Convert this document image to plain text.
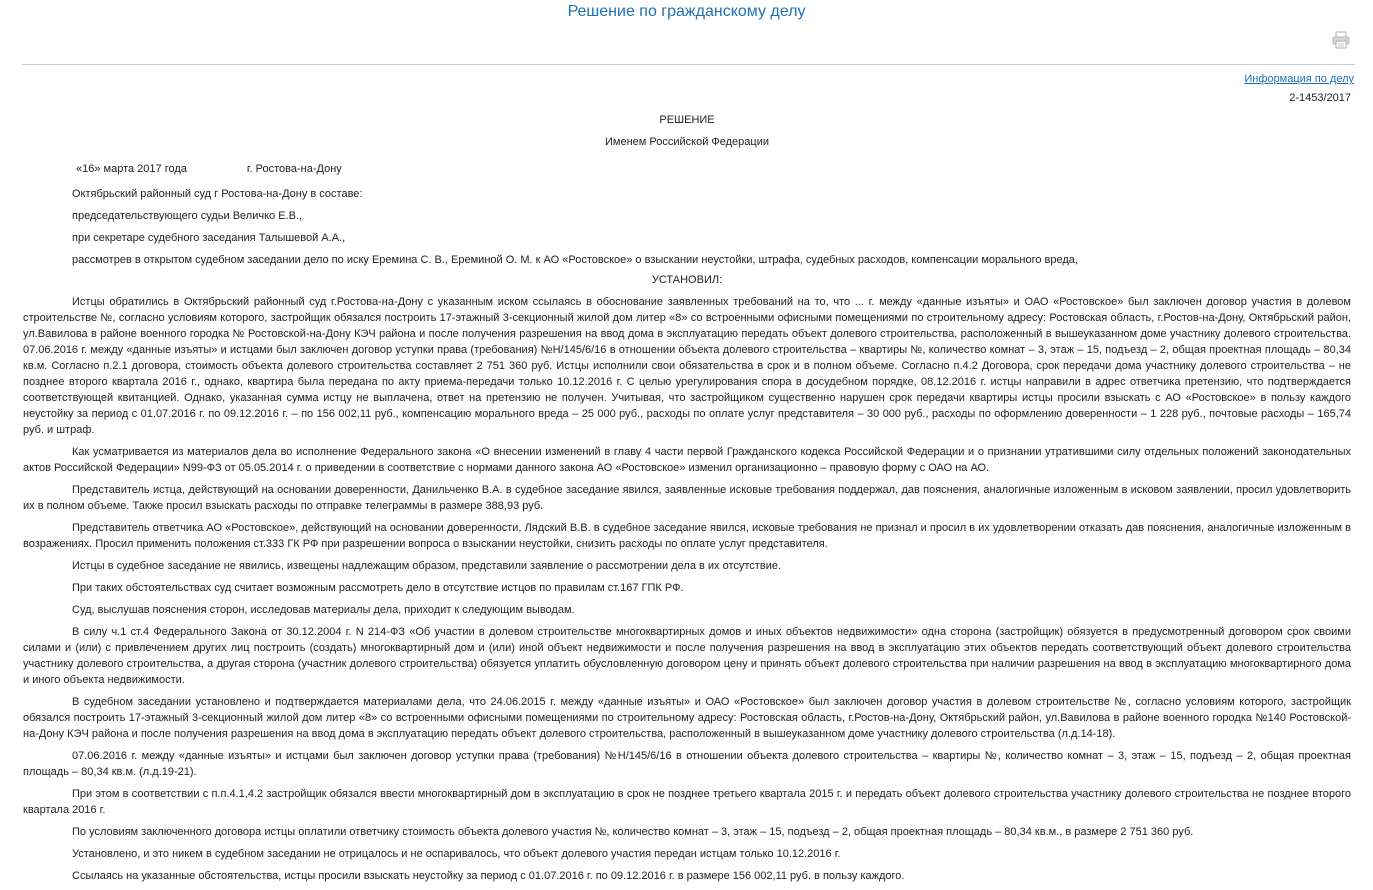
Решение по гражданскому делу
Информация по делу
2-1453/2017

РЕШЕНИЕ

Именем Российской Федерации

«16» марта 2017 года	г. Ростова-на-Дону

Октябрьский районный суд г Ростова-на-Дону в составе:

председательствующего судьи Величко Е.В.,

при секретаре судебного заседания Талышевой А.А.,

рассмотрев в открытом судебном заседании дело по иску Еремина С. В., Ереминой О. М. к АО «Ростовское» о взыскании неустойки, штрафа, судебных расходов, компенсации морального вреда,

УСТАНОВИЛ:

Истцы обратились в Октябрьский районный суд г.Ростова-на-Дону с указанным иском ссылаясь в обоснование заявленных требований на то, что ... г. между «данные изъяты» и ОАО «Ростовское» был заключен договор участия в долевом строительстве №, согласно условиям которого, застройщик обязался построить 17-этажный 3-секционный жилой дом литер «8» со встроенными офисными помещениями по строительному адресу: Ростовская область, г.Ростов-на-Дону, Октябрьский район, ул.Вавилова в районе военного городка № Ростовской-на-Дону КЭЧ района и после получения разрешения на ввод дома в эксплуатацию передать объект долевого строительства, расположенный в вышеуказанном доме участнику долевого строительства. 07.06.2016 г. между «данные изъяты» и истцами был заключен договор уступки права (требования) №Н/145/6/16 в отношении объекта долевого строительства – квартиры №, количество комнат – 3, этаж – 15, подъезд – 2, общая проектная площадь – 80,34 кв.м. Согласно п.2.1 договора, стоимость объекта долевого строительства составляет 2 751 360 руб. Истцы исполнили свои обязательства в срок и в полном объеме. Согласно п.4.2 Договора, срок передачи дома участнику долевого строительства – не позднее второго квартала 2016 г., однако, квартира была передана по акту приема-передачи только 10.12.2016 г. С целью урегулирования спора в досудебном порядке, 08.12.2016 г. истцы направили в адрес ответчика претензию, что подтверждается соответствующей квитанцией. Однако, указанная сумма истцу не выплачена, ответ на претензию не получен. Учитывая, что застройщиком существенно нарушен срок передачи квартиры истцы просили взыскать с АО «Ростовское» в пользу каждого неустойку за период с 01.07.2016 г. по 09.12.2016 г. – по 156 002,11 руб., компенсацию морального вреда – 25 000 руб., расходы по оплате услуг представителя – 30 000 руб., расходы по оформлению доверенности – 1 228 руб., почтовые расходы – 165,74 руб. и штраф.

Как усматривается из материалов дела во исполнение Федерального закона «О внесении изменений в главу 4 части первой Гражданского кодекса Российской Федерации и о признании утратившими силу отдельных положений законодательных актов Российской Федерации» N99-ФЗ от 05.05.2014 г. о приведении в соответствие с нормами данного закона АО «Ростовское» изменил организационно – правовую форму с ОАО на АО.

Представитель истца, действующий на основании доверенности, Данильченко В.А. в судебное заседание явился, заявленные исковые требования поддержал, дав пояснения, аналогичные изложенным в исковом заявлении, просил удовлетворить их в полном объеме. Также просил взыскать расходы по отправке телеграммы в размере 388,93 руб.

Представитель ответчика АО «Ростовское», действующий на основании доверенности, Лядский В.В. в судебное заседание явился, исковые требования не признал и просил в их удовлетворении отказать дав пояснения, аналогичные изложенным в возражениях. Просил применить положения ст.333 ГК РФ при разрешении вопроса о взыскании неустойки, снизить расходы по оплате услуг представителя.

Истцы в судебное заседание не явились, извещены надлежащим образом, представили заявление о рассмотрении дела в их отсутствие.

При таких обстоятельствах суд считает возможным рассмотреть дело в отсутствие истцов по правилам ст.167 ГПК РФ.

Суд, выслушав пояснения сторон, исследовав материалы дела, приходит к следующим выводам.

В силу ч.1 ст.4 Федерального Закона от 30.12.2004 г. N 214-ФЗ «Об участии в долевом строительстве многоквартирных домов и иных объектов недвижимости» одна сторона (застройщик) обязуется в предусмотренный договором срок своими силами и (или) с привлечением других лиц построить (создать) многоквартирный дом и (или) иной объект недвижимости и после получения разрешения на ввод в эксплуатацию этих объектов передать соответствующий объект долевого строительства участнику долевого строительства, а другая сторона (участник долевого строительства) обязуется уплатить обусловленную договором цену и принять объект долевого строительства при наличии разрешения на ввод в эксплуатацию многоквартирного дома и иного объекта недвижимости.

В судебном заседании установлено и подтверждается материалами дела, что 24.06.2015 г. между «данные изъяты» и ОАО «Ростовское» был заключен договор участия в долевом строительстве №, согласно условиям которого, застройщик обязался построить 17-этажный 3-секционный жилой дом литер «8» со встроенными офисными помещениями по строительному адресу: Ростовская область, г.Ростов-на-Дону, Октябрьский район, ул.Вавилова в районе военного городка №140 Ростовской-на-Дону КЭЧ района и после получения разрешения на ввод дома в эксплуатацию передать объект долевого строительства, расположенный в вышеуказанном доме участнику долевого строительства (л.д.14-18).

07.06.2016 г. между «данные изъяты» и истцами был заключен договор уступки права (требования) №Н/145/6/16 в отношении объекта долевого строительства – квартиры №, количество комнат – 3, этаж – 15, подъезд – 2, общая проектная площадь – 80,34 кв.м. (л.д.19-21).

При этом в соответствии с п.п.4.1,4.2 застройщик обязался ввести многоквартирный дом в эксплуатацию в срок не позднее третьего квартала 2015 г. и передать объект долевого строительства участнику долевого строительства не позднее второго квартала 2016 г.

По условиям заключенного договора истцы оплатили ответчику стоимость объекта долевого участия №, количество комнат – 3, этаж – 15, подъезд – 2, общая проектная площадь – 80,34 кв.м., в размере 2 751 360 руб.

Установлено, и это никем в судебном заседании не отрицалось и не оспаривалось, что объект долевого участия передан истцам только 10.12.2016 г.

Ссылаясь на указанные обстоятельства, истцы просили взыскать неустойку за период с 01.07.2016 г. по 09.12.2016 г. в размере 156 002,11 руб. в пользу каждого.
